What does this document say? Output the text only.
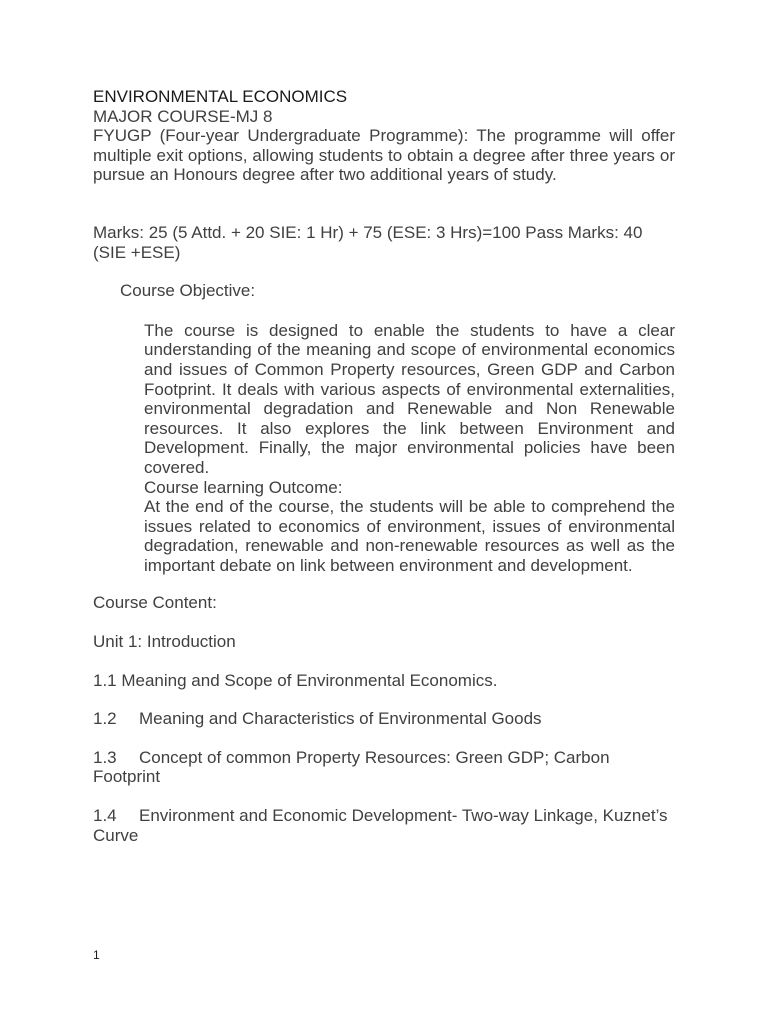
ENVIRONMENTAL ECONOMICS

MAJOR COURSE-MJ 8

FYUGP (Four-year Undergraduate Programme): The programme will offer multiple exit options, allowing students to obtain a degree after three years or pursue an Honours degree after two additional years of study.

Marks: 25 (5 Attd. + 20 SIE: 1 Hr) + 75 (ESE: 3 Hrs)=100 Pass Marks: 40 (SIE +ESE)

Course Objective:

The course is designed to enable the students to have a clear understanding of the meaning and scope of environmental economics and issues of Common Property resources, Green GDP and Carbon Footprint. It deals with various aspects of environmental externalities, environmental degradation and Renewable and Non Renewable resources. It also explores the link between Environment and Development. Finally, the major environmental policies have been covered.

Course learning Outcome:

At the end of the course, the students will be able to comprehend the issues related to economics of environment, issues of environmental degradation, renewable and non-renewable resources as well as the important debate on link between environment and development.

Course Content:

Unit 1: Introduction

1.1 Meaning and Scope of Environmental Economics.

1.2 Meaning and Characteristics of Environmental Goods

1.3 Concept of common Property Resources: Green GDP; Carbon Footprint

1.4 Environment and Economic Development- Two-way Linkage, Kuznet’s Curve

1
